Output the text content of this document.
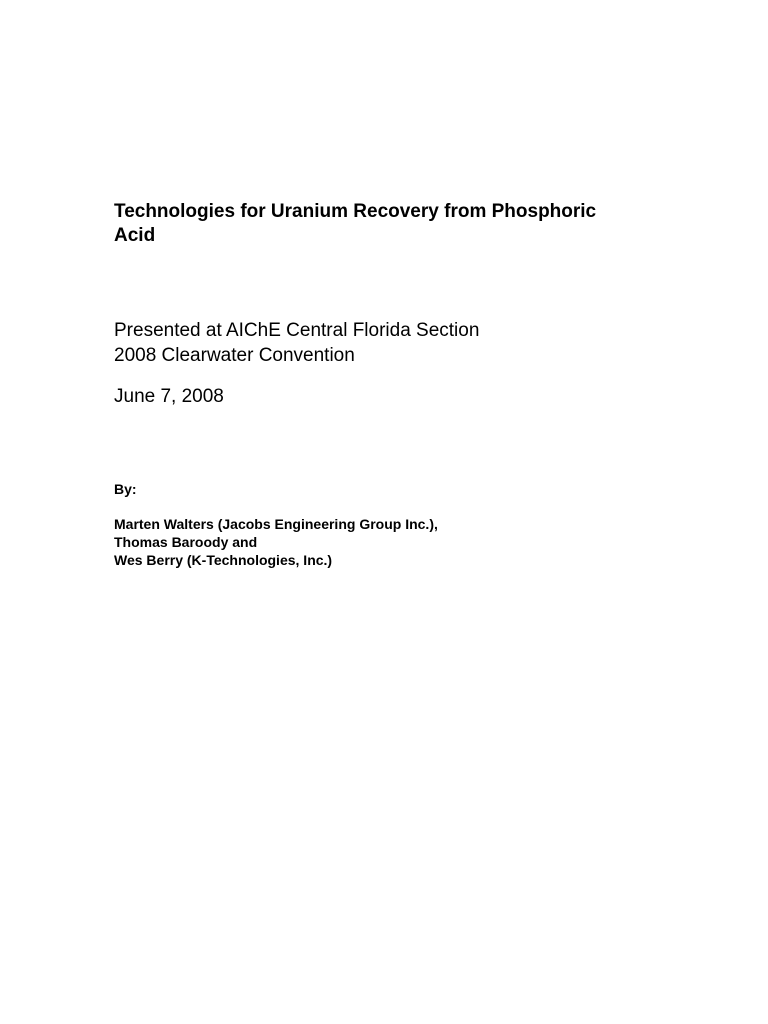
Technologies for Uranium Recovery from Phosphoric
Acid
Presented at AIChE Central Florida Section
2008 Clearwater Convention
June 7, 2008
By:
Marten Walters (Jacobs Engineering Group Inc.),
Thomas Baroody and
Wes Berry (K-Technologies, Inc.)
